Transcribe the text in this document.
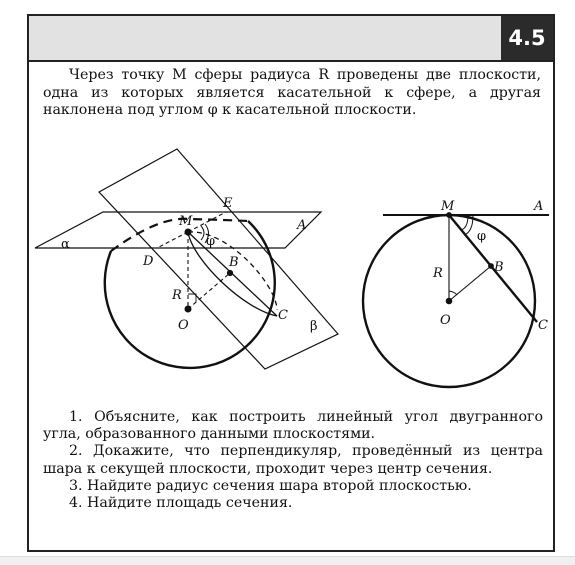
4.5
Через точку M сферы радиуса R проведены две плоскости, одна из которых является касательной к сфере, а другая наклонена под углом φ к касательной плоскости.
M
E
A
α
D
φ
B
R
O
C
β
M	A
φ
R	B
O	C

1. Объясните, как построить линейный угол двугранного угла, образованного данными плоскостями.

2. Докажите, что перпендикуляр, проведённый из центра шара к секущей плоскости, проходит через центр сечения.

3. Найдите радиус сечения шара второй плоскостью.

4. Найдите площадь сечения.
